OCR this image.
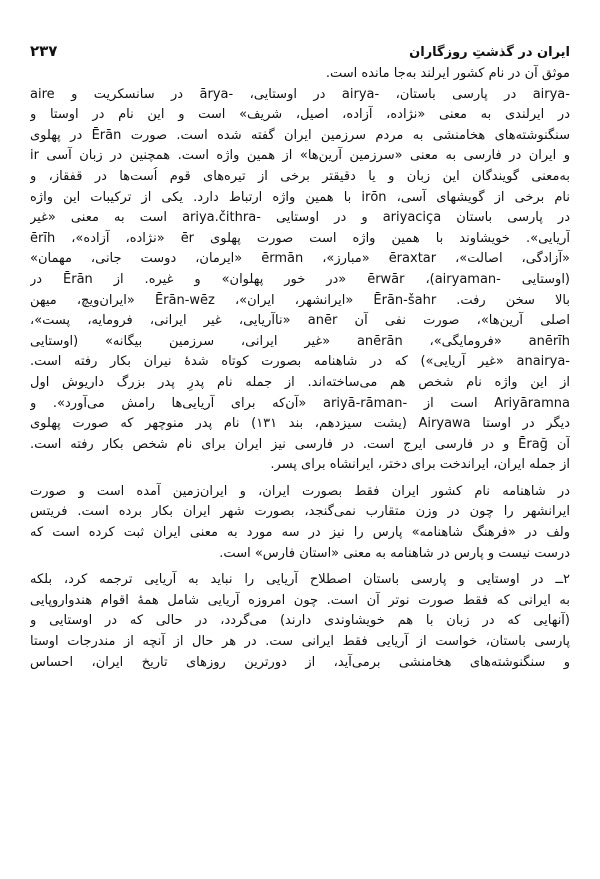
ایران در گذشتِ روزگاران
۲۳۷
موثق آن در نام کشور ایرلند به‌جا مانده است.
-airya در پارسی باستان، -airya در اوستایی، -ārya در سانسکریت و aire
در ایرلندی به معنی «نژاده، آزاده، اصیل، شریف» است و این نام در اوستا و
سنگنوشته‌های هخامنشی به مردم سرزمین ایران گفته شده است. صورت Ērān در پهلوی
و ایران در فارسی به معنی «سرزمین آرین‌ها» از همین واژه است. همچنین در زبان آسی ir
به‌معنی گویندگان این زبان و یا دقیقتر برخی از تیره‌های قوم اُست‌ها در قفقاز، و
نام برخی از گویشهای آسی، irōn با همین واژه ارتباط دارد. یکی از ترکیبات این واژه
در پارسی باستان ariyaciça و در اوستایی -ariya.čithra است به معنی «غیر
آریایی». خویشاوند با همین واژه است صورت پهلوی ēr «نژاده، آزاده»، ērīh
«آزادگی، اصالت»، ēraxtar «مبارز»، ērmān «ایرمان، دوست جانی، مهمان»
(اوستایی -airyaman)، ērwār «در خور پهلوان» و غیره. از Ērān در
بالا سخن رفت. Ērān-šahr «ایرانشهر، ایران»، Ērān-wēz «ایران‌ویچ، میهن
اصلی آرین‌ها»، صورت نفی آن anēr «ناآریایی، غیر ایرانی، فرومایه، پست»،
anērīh «فرومایگی»، anērān «غیر ایرانی، سرزمین بیگانه» (اوستایی
-anairya «غیر آریایی») که در شاهنامه بصورت کوتاه شدهٔ نیران بکار رفته است.
از این واژه نام شخص هم می‌ساخته‌اند. از جمله نام پدرِ پدر بزرگ داریوش اول
Ariyāramna است از -ariyā-rāman «آن‌که برای آریایی‌ها رامش می‌آورد». و
دیگر در اوستا Airyawa (یشت سیزدهم، بند ۱۳۱) نام پدر منوچهر که صورت پهلوی
آن Ērağ و در فارسی ایرج است. در فارسی نیز ایران برای نام شخص بکار رفته است.
از جمله ایران، ایراندخت برای دختر، ایرانشاه برای پسر.
در شاهنامه نام کشور ایران فقط بصورت ایران، و ایران‌زمین آمده است و صورت
ایرانشهر را چون در وزن متقارب نمی‌گنجد، بصورت شهر ایران بکار برده است. فریتس
ولف در «فرهنگ شاهنامه» پارس را نیز در سه مورد به معنی ایران ثبت کرده است که
درست نیست و پارس در شاهنامه به معنی «استان فارس» است.
۲ــ در اوستایی و پارسی باستان اصطلاح آریایی را نباید به آریایی ترجمه کرد، بلکه
به ایرانی که فقط صورت نوتر آن است. چون امروزه آریایی شامل همهٔ اقوام هندواروپایی
(آنهایی که در زبان با هم خویشاوندی دارند) می‌گردد، در حالی که در اوستایی و
پارسی باستان، خواست از آریایی فقط ایرانی ست. در هر حال از آنچه از مندرجات اوستا
و سنگنوشته‌های هخامنشی برمی‌آید، از دورترین روزهای تاریخ ایران، احساس
